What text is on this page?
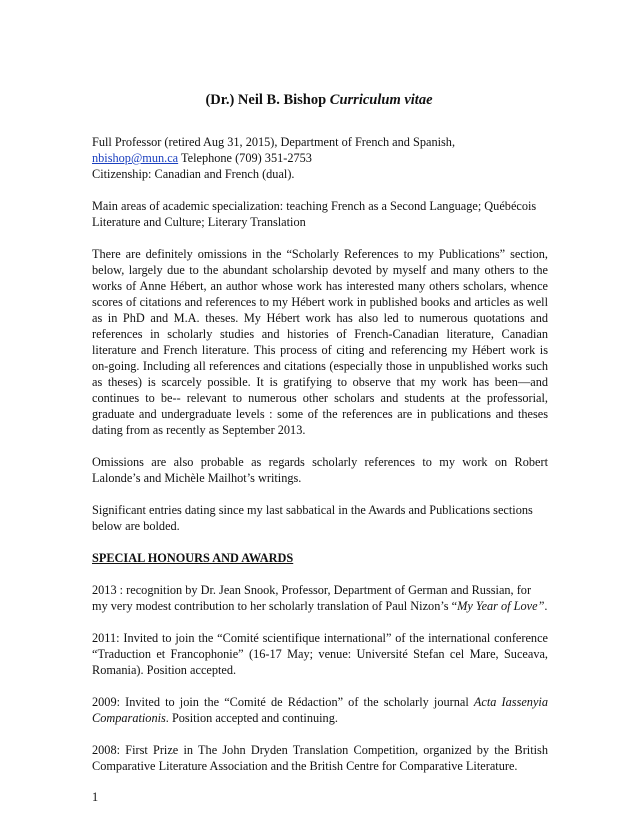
(Dr.) Neil B. Bishop Curriculum vitae

Full Professor (retired Aug 31, 2015), Department of French and Spanish,
nbishop@mun.ca Telephone (709) 351-2753
Citizenship: Canadian and French (dual).

Main areas of academic specialization: teaching French as a Second Language; Québécois Literature and Culture; Literary Translation

There are definitely omissions in the “Scholarly References to my Publications” section, below, largely due to the abundant scholarship devoted by myself and many others to the works of Anne Hébert, an author whose work has interested many others scholars, whence scores of citations and references to my Hébert work in published books and articles as well as in PhD and M.A. theses. My Hébert work has also led to numerous quotations and references in scholarly studies and histories of French-Canadian literature, Canadian literature and French literature. This process of citing and referencing my Hébert work is on-going. Including all references and citations (especially those in unpublished works such as theses) is scarcely possible. It is gratifying to observe that my work has been—and continues to be-- relevant to numerous other scholars and students at the professorial, graduate and undergraduate levels : some of the references are in publications and theses dating from as recently as September 2013.

Omissions are also probable as regards scholarly references to my work on Robert Lalonde’s and Michèle Mailhot’s writings.

Significant entries dating since my last sabbatical in the Awards and Publications sections below are bolded.

SPECIAL HONOURS AND AWARDS

2013 : recognition by Dr. Jean Snook, Professor, Department of German and Russian, for my very modest contribution to her scholarly translation of Paul Nizon’s “My Year of Love”.

2011: Invited to join the “Comité scientifique international” of the international conference “Traduction et Francophonie” (16-17 May; venue: Université Stefan cel Mare, Suceava, Romania). Position accepted.

2009: Invited to join the “Comité de Rédaction” of the scholarly journal Acta Iassenyia Comparationis. Position accepted and continuing.

2008: First Prize in The John Dryden Translation Competition, organized by the British Comparative Literature Association and the British Centre for Comparative Literature.

1
